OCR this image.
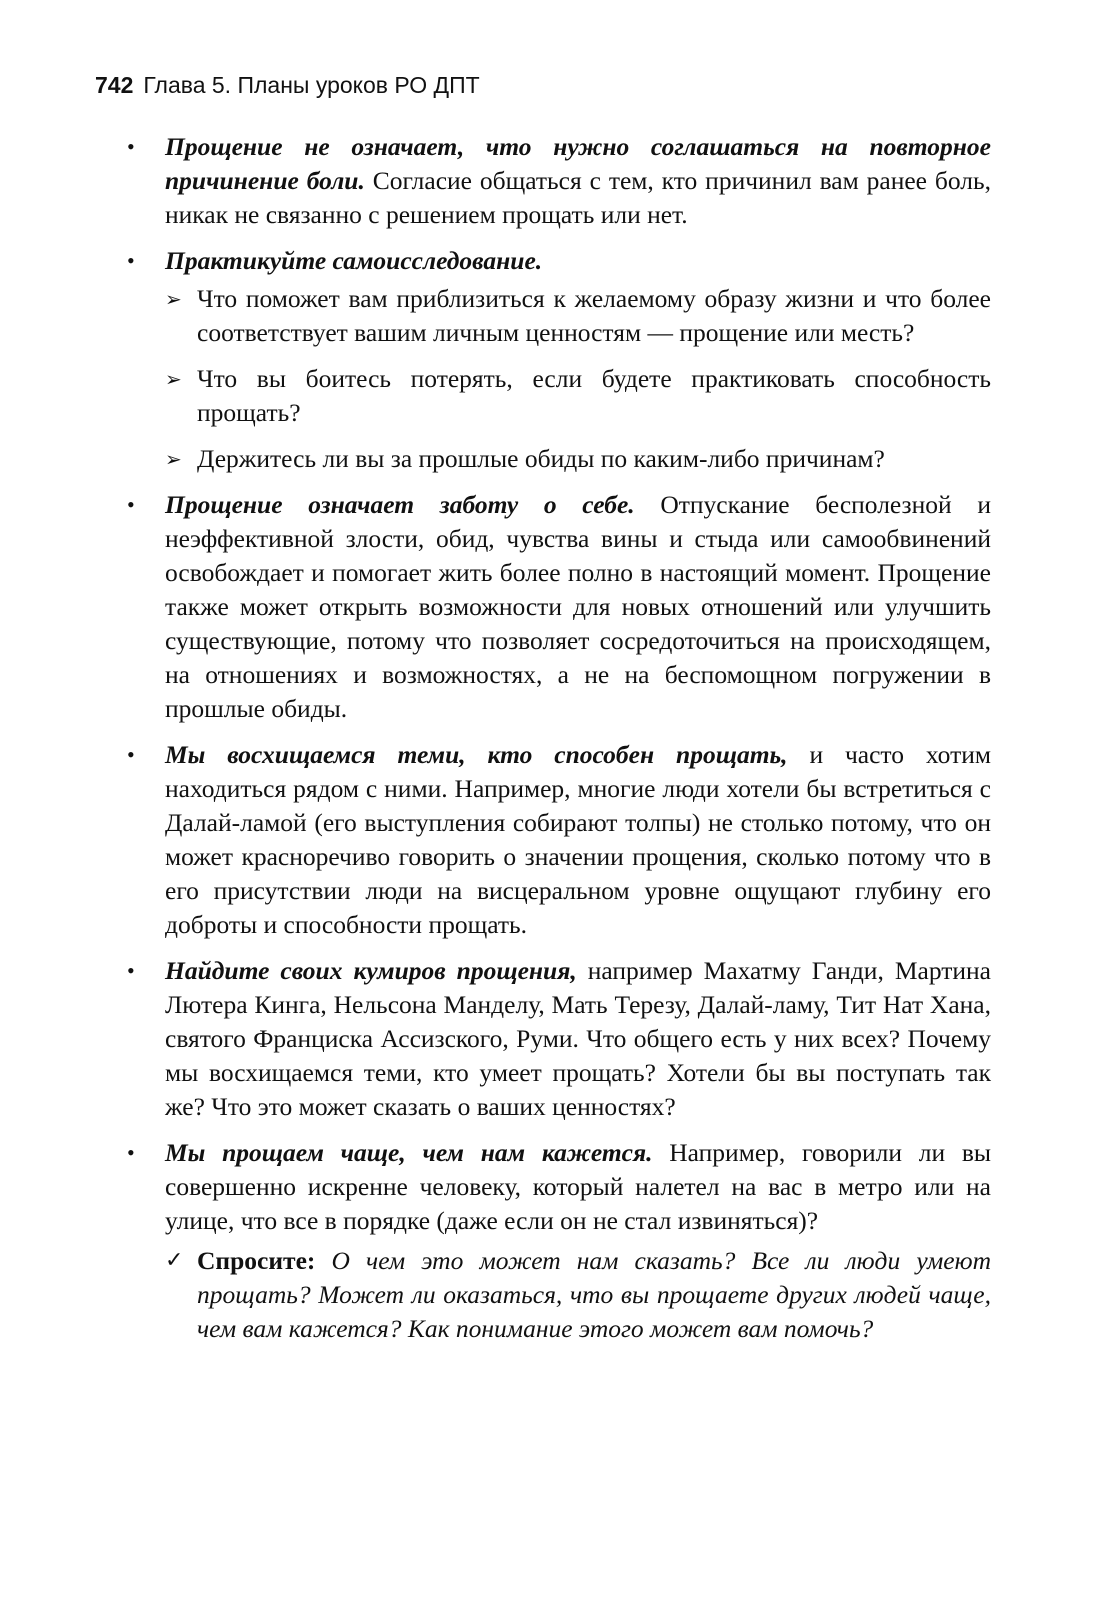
742 Глава 5. Планы уроков РО ДПТ
• Прощение не означает, что нужно соглашаться на повторное причинение боли. Согласие общаться с тем, кто причинил вам ранее боль, никак не связанно с решением прощать или нет.
• Практикуйте самоисследование.
➢ Что поможет вам приблизиться к желаемому образу жизни и что более соответствует вашим личным ценностям — прощение или месть?
➢ Что вы боитесь потерять, если будете практиковать способность прощать?
➢ Держитесь ли вы за прошлые обиды по каким-либо причинам?
• Прощение означает заботу о себе. Отпускание бесполезной и неэффективной злости, обид, чувства вины и стыда или самообвинений освобождает и помогает жить более полно в настоящий момент. Прощение также может открыть возможности для новых отношений или улучшить существующие, потому что позволяет сосредоточиться на происходящем, на отношениях и возможностях, а не на беспомощном погружении в прошлые обиды.
• Мы восхищаемся теми, кто способен прощать, и часто хотим находиться рядом с ними. Например, многие люди хотели бы встретиться с Далай-ламой (его выступления собирают толпы) не столько потому, что он может красноречиво говорить о значении прощения, сколько потому что в его присутствии люди на висцеральном уровне ощущают глубину его доброты и способности прощать.
• Найдите своих кумиров прощения, например Махатму Ганди, Мартина Лютера Кинга, Нельсона Манделу, Мать Терезу, Далай-ламу, Тит Нат Хана, святого Франциска Ассизского, Руми. Что общего есть у них всех? Почему мы восхищаемся теми, кто умеет прощать? Хотели бы вы поступать так же? Что это может сказать о ваших ценностях?
• Мы прощаем чаще, чем нам кажется. Например, говорили ли вы совершенно искренне человеку, который налетел на вас в метро или на улице, что все в порядке (даже если он не стал извиняться)?
✓ Спросите: О чем это может нам сказать? Все ли люди умеют прощать? Может ли оказаться, что вы прощаете других людей чаще, чем вам кажется? Как понимание этого может вам помочь?
